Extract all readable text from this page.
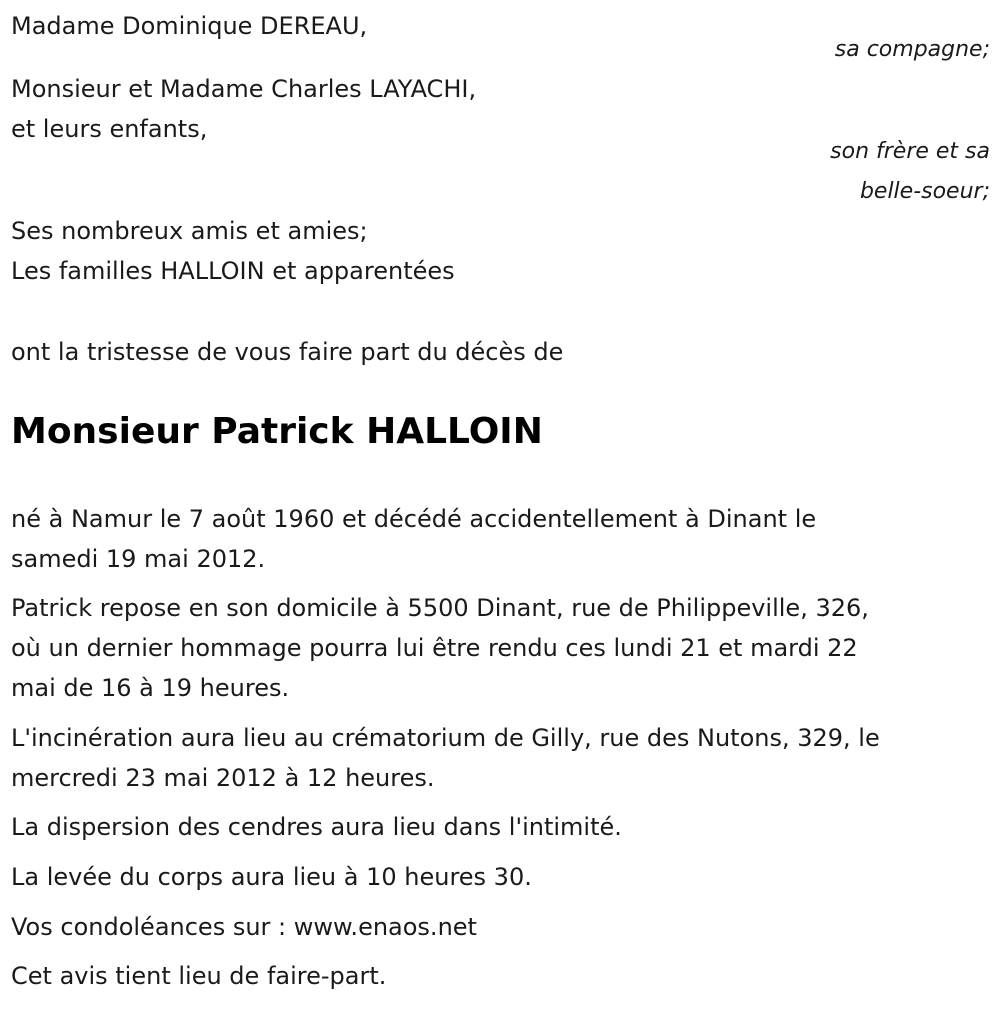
Madame Dominique DEREAU,
sa compagne;
Monsieur et Madame Charles LAYACHI,
et leurs enfants,
son frère et sa
belle-soeur;
Ses nombreux amis et amies;
Les familles HALLOIN et apparentées
ont la tristesse de vous faire part du décès de
Monsieur Patrick HALLOIN
né à Namur le 7 août 1960 et décédé accidentellement à Dinant le
samedi 19 mai 2012.
Patrick repose en son domicile à 5500 Dinant, rue de Philippeville, 326,
où un dernier hommage pourra lui être rendu ces lundi 21 et mardi 22
mai de 16 à 19 heures.
L'incinération aura lieu au crématorium de Gilly, rue des Nutons, 329, le
mercredi 23 mai 2012 à 12 heures.
La dispersion des cendres aura lieu dans l'intimité.
La levée du corps aura lieu à 10 heures 30.
Vos condoléances sur : www.enaos.net
Cet avis tient lieu de faire-part.
